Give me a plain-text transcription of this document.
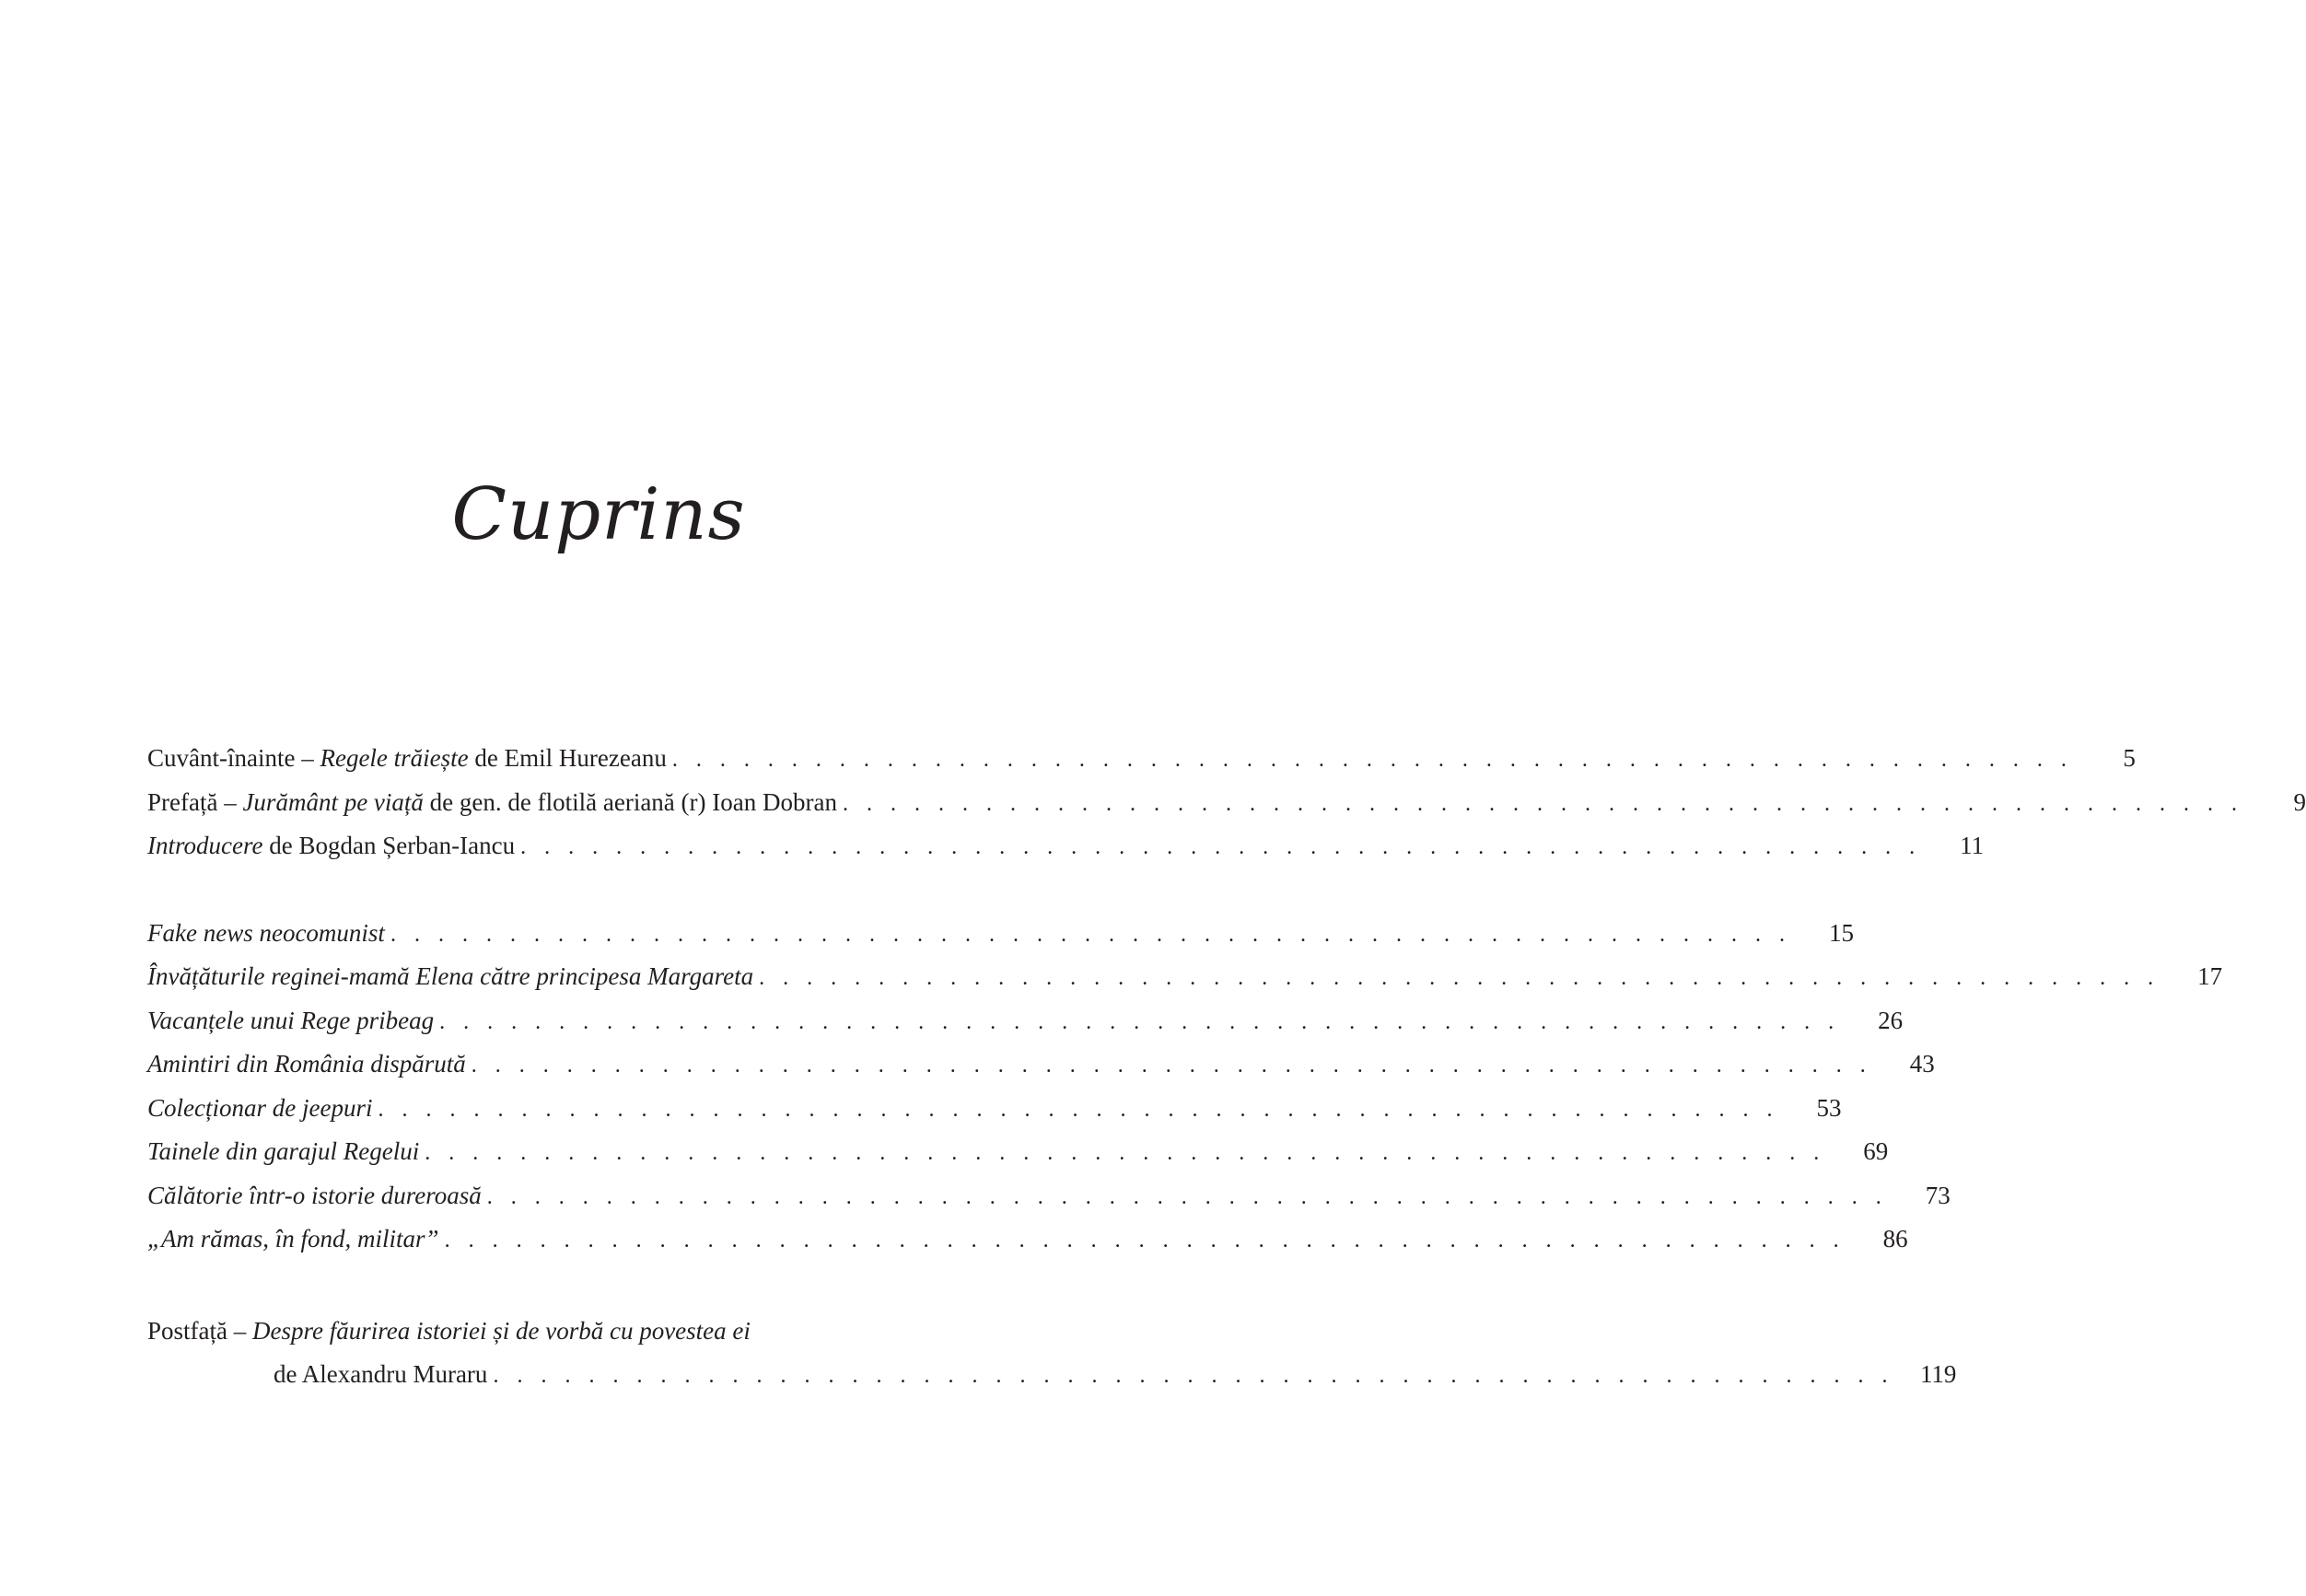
Cuprins
Cuvânt-înainte – Regele trăiește de Emil Hurezeanu . . . . . . . . . . . . . . . . . . . . . . . . . . . . . . . . . . . . . . . . . . . . . . . . . . . . . . . . . . .	5
Prefață – Jurământ pe viață de gen. de flotilă aeriană (r) Ioan Dobran . . . . . . . . . . . . . . . . . . . . . . . . . . . . . . . . . . . . . . . . . . . . . . . . . . . . . . . . . . .	9
Introducere de Bogdan Șerban-Iancu . . . . . . . . . . . . . . . . . . . . . . . . . . . . . . . . . . . . . . . . . . . . . . . . . . . . . . . . . . .	11
Fake news neocomunist . . . . . . . . . . . . . . . . . . . . . . . . . . . . . . . . . . . . . . . . . . . . . . . . . . . . . . . . . . .	15
Învățăturile reginei-mamă Elena către principesa Margareta . . . . . . . . . . . . . . . . . . . . . . . . . . . . . . . . . . . . . . . . . . . . . . . . . . . . . . . . . . .	17
Vacanțele unui Rege pribeag . . . . . . . . . . . . . . . . . . . . . . . . . . . . . . . . . . . . . . . . . . . . . . . . . . . . . . . . . . .	26
Amintiri din România dispărută . . . . . . . . . . . . . . . . . . . . . . . . . . . . . . . . . . . . . . . . . . . . . . . . . . . . . . . . . . .	43
Colecționar de jeepuri . . . . . . . . . . . . . . . . . . . . . . . . . . . . . . . . . . . . . . . . . . . . . . . . . . . . . . . . . . .	53
Tainele din garajul Regelui . . . . . . . . . . . . . . . . . . . . . . . . . . . . . . . . . . . . . . . . . . . . . . . . . . . . . . . . . . .	69
Călătorie într-o istorie dureroasă . . . . . . . . . . . . . . . . . . . . . . . . . . . . . . . . . . . . . . . . . . . . . . . . . . . . . . . . . . .	73
„Am rămas, în fond, militar” . . . . . . . . . . . . . . . . . . . . . . . . . . . . . . . . . . . . . . . . . . . . . . . . . . . . . . . . . . .	86
Postfață – Despre făurirea istoriei și de vorbă cu povestea ei
de Alexandru Muraru . . . . . . . . . . . . . . . . . . . . . . . . . . . . . . . . . . . . . . . . . . . . . . . . . . . . . . . . . . .	119
